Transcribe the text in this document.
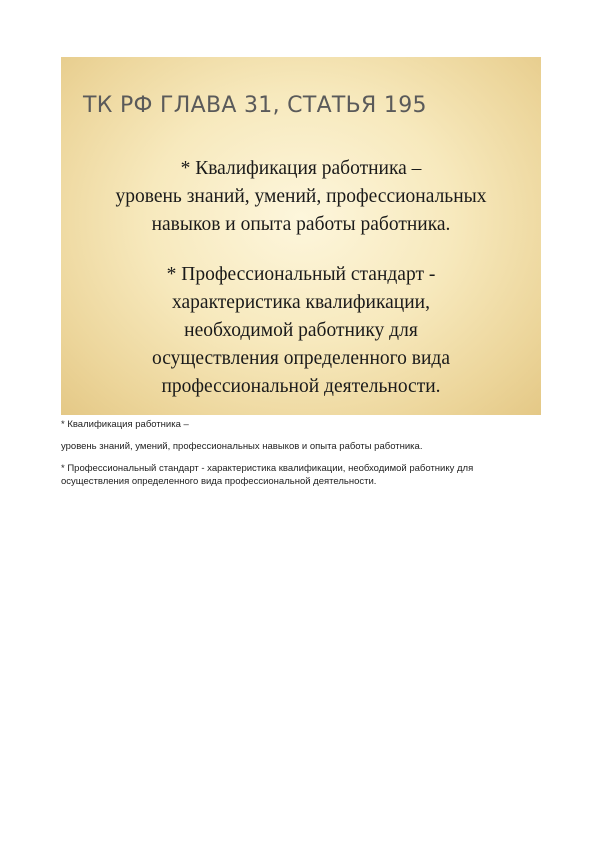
ТК РФ ГЛАВА 31, СТАТЬЯ 195

* Квалификация работника –
уровень знаний, умений, профессиональных
навыков и опыта работы работника.

* Профессиональный стандарт -
характеристика квалификации,
необходимой работнику для
осуществления определенного вида
профессиональной деятельности.

* Квалификация работника –

уровень знаний, умений, профессиональных навыков и опыта работы работника.

* Профессиональный стандарт - характеристика квалификации, необходимой работнику для осуществления определенного вида профессиональной деятельности.
